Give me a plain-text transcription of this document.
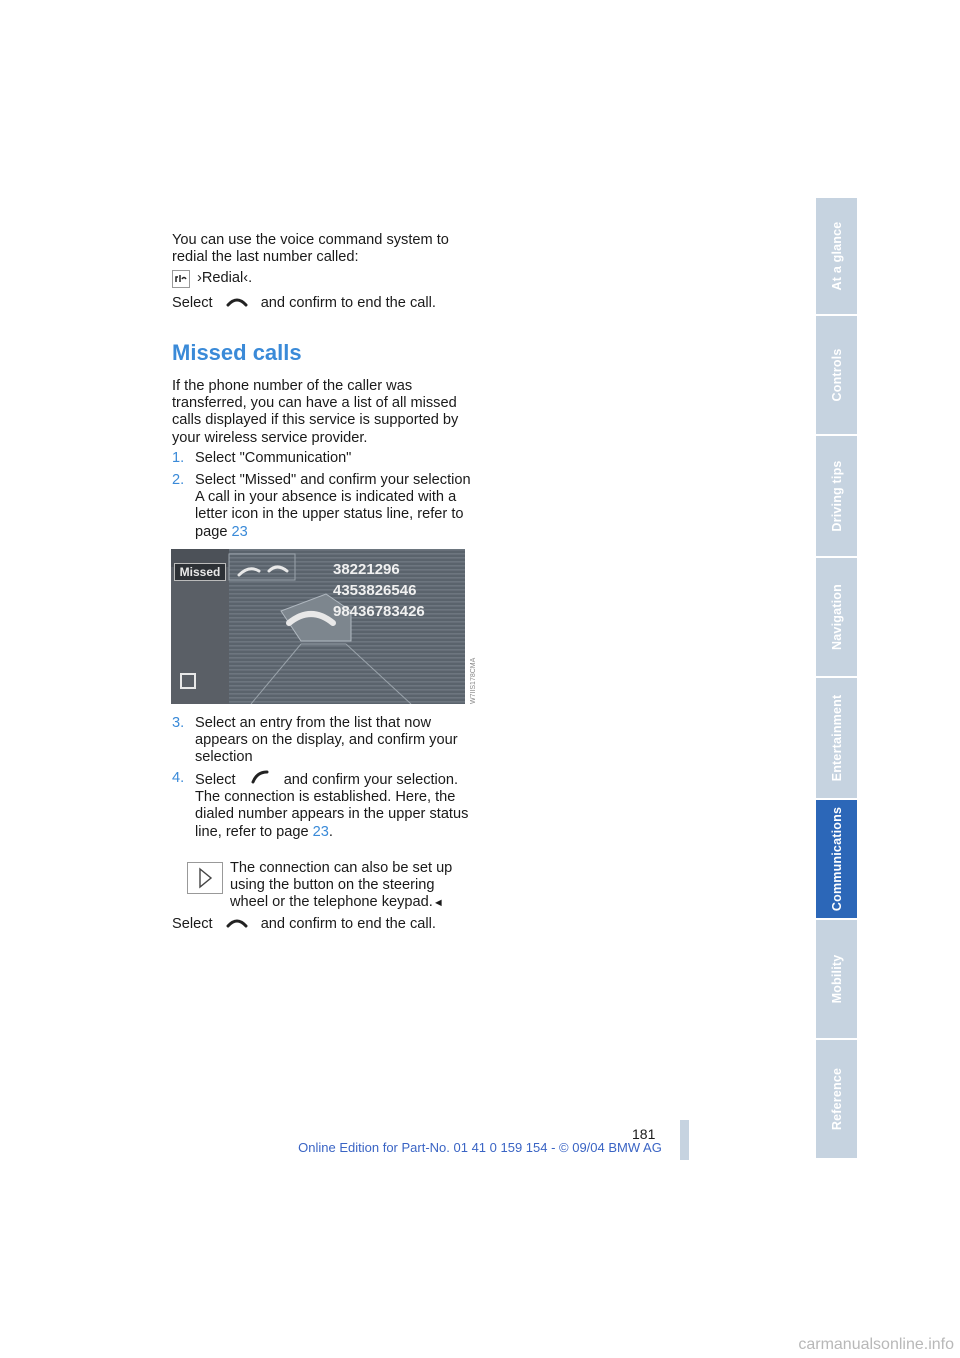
You can use the voice command system to redial the last number called:

›Redial‹.
Select	and confirm to end the call.
Missed calls

If the phone number of the caller was transferred, you can have a list of all missed calls displayed if this service is supported by your wireless service provider.

1. Select "Communication"
2. Select "Missed" and confirm your selection A call in your absence is indicated with a letter icon in the upper status line, refer to page 23
Missed	38221296
4353826546
98436783426
W7IIS178CMA
3. Select an entry from the list that now appears on the display, and confirm your selection
4. Select	and confirm your selection.
The connection is established. Here, the dialed number appears in the upper status line, refer to page 23.
The connection can also be set up using the button on the steering wheel or the telephone keypad.◄
Select	and confirm to end the call.
At a glance
Controls
Driving tips
Navigation
Entertainment
Communications
Mobility
Reference
181
Online Edition for Part-No. 01 41 0 159 154 - © 09/04 BMW AG
carmanualsonline.info
